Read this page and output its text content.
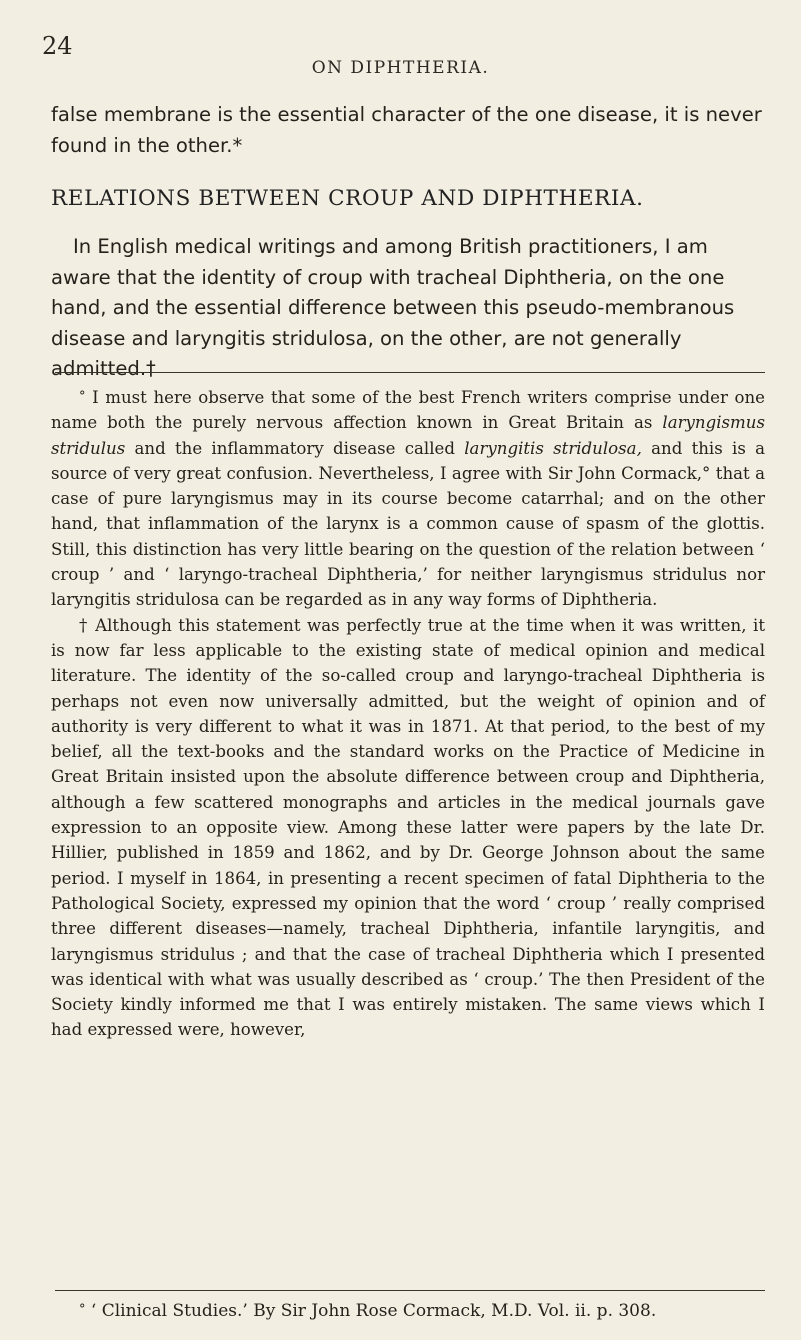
24
ON DIPHTHERIA.

false membrane is the essential character of the one disease, it is never found in the other.*

RELATIONS BETWEEN CROUP AND DIPHTHERIA.

In English medical writings and among British practitioners, I am aware that the identity of croup with tracheal Diphtheria, on the one hand, and the essential difference between this pseudo-membranous disease and laryngitis stridulosa, on the other, are not generally admitted.†

° I must here observe that some of the best French writers comprise under one name both the purely nervous affection known in Great Britain as laryngismus stridulus and the inflammatory disease called laryngitis stridulosa, and this is a source of very great confusion. Nevertheless, I agree with Sir John Cormack,° that a case of pure laryngismus may in its course become catarrhal; and on the other hand, that inflammation of the larynx is a common cause of spasm of the glottis. Still, this distinction has very little bearing on the question of the relation between ‘ croup ’ and ‘ laryngo-tracheal Diphtheria,’ for neither laryngismus stridulus nor laryngitis stridulosa can be regarded as in any way forms of Diphtheria.

† Although this statement was perfectly true at the time when it was written, it is now far less applicable to the existing state of medical opinion and medical literature. The identity of the so-called croup and laryngo-tracheal Diphtheria is perhaps not even now universally admitted, but the weight of opinion and of authority is very different to what it was in 1871. At that period, to the best of my belief, all the text-books and the standard works on the Practice of Medicine in Great Britain insisted upon the absolute difference between croup and Diphtheria, although a few scattered monographs and articles in the medical journals gave expression to an opposite view. Among these latter were papers by the late Dr. Hillier, published in 1859 and 1862, and by Dr. George Johnson about the same period. I myself in 1864, in presenting a recent specimen of fatal Diphtheria to the Pathological Society, expressed my opinion that the word ‘ croup ’ really comprised three different diseases—namely, tracheal Diphtheria, infantile laryngitis, and laryngismus stridulus ; and that the case of tracheal Diphtheria which I presented was identical with what was usually described as ‘ croup.’ The then President of the Society kindly informed me that I was entirely mistaken. The same views which I had expressed were, however,

° ‘ Clinical Studies.’ By Sir John Rose Cormack, M.D. Vol. ii. p. 308.
